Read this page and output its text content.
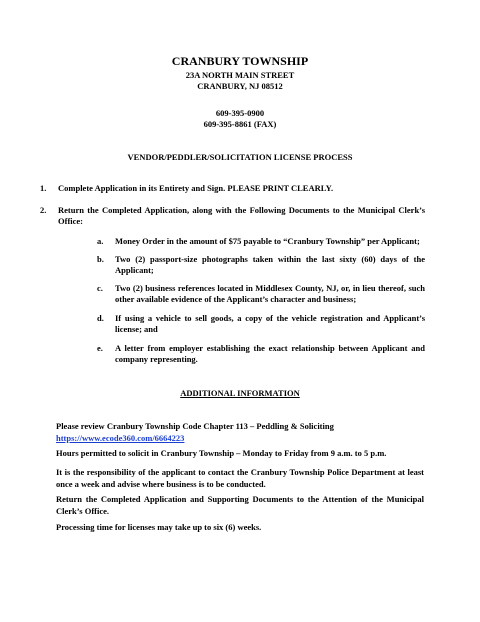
CRANBURY TOWNSHIP
23A NORTH MAIN STREET
CRANBURY, NJ 08512
609-395-0900
609-395-8861 (FAX)
VENDOR/PEDDLER/SOLICITATION LICENSE PROCESS
1.	Complete Application in its Entirety and Sign. PLEASE PRINT CLEARLY.
2.	Return the Completed Application, along with the Following Documents to the Municipal Clerk’s Office:
a.	Money Order in the amount of $75 payable to “Cranbury Township” per Applicant;
b.	Two (2) passport-size photographs taken within the last sixty (60) days of the Applicant;
c.	Two (2) business references located in Middlesex County, NJ, or, in lieu thereof, such other available evidence of the Applicant’s character and business;
d.	If using a vehicle to sell goods, a copy of the vehicle registration and Applicant’s license; and
e.	A letter from employer establishing the exact relationship between Applicant and company representing.
ADDITIONAL INFORMATION
Please review Cranbury Township Code Chapter 113 – Peddling & Soliciting
https://www.ecode360.com/6664223
Hours permitted to solicit in Cranbury Township – Monday to Friday from 9 a.m. to 5 p.m.
It is the responsibility of the applicant to contact the Cranbury Township Police Department at least once a week and advise where business is to be conducted.
Return the Completed Application and Supporting Documents to the Attention of the Municipal Clerk’s Office.
Processing time for licenses may take up to six (6) weeks.
